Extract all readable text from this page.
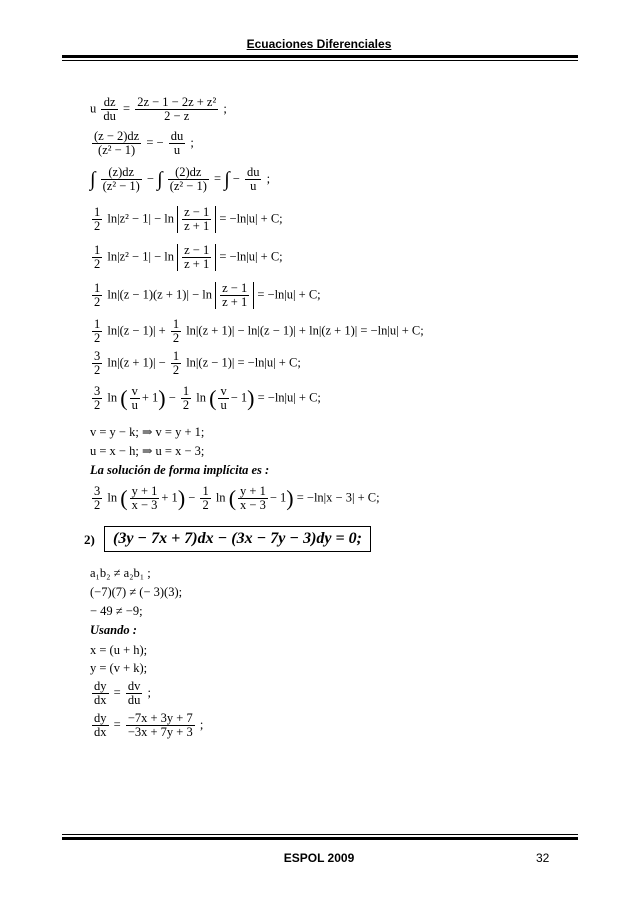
Ecuaciones Diferenciales
u $\frac{dz}{du} = \frac{\text{2z − 1 − 2z + z²}}{2 - z}$ ;
$\frac{(z - 2)dz}{\text{(z² − 1)}}$ = − $\frac{du}{u}$ ;
∫ $\frac{(z)dz}{\text{(z² − 1)}}$ − ∫ $\frac{(2)dz}{\text{(z² − 1)}}$ = ∫ − $\frac{du}{u}$ ;
$\frac{1}{2} \ln|z^2 - 1| - \ln \frac{z - 1}{z + 1} = -\ln|u| + C$;
$\frac{1}{2} \ln|z^2 - 1| - \ln \frac{z - 1}{z + 1} = -\ln|u| + C$;
$\frac{1}{2} \ln|(z - 1)(z + 1)| - \ln \frac{z - 1}{z + 1} = -\ln|u| + C$;
$\frac{1}{2} \ln|(z - 1)| + \frac{1}{2} \ln|(z + 1)| - \ln|(z - 1)| + \ln|(z + 1)| = -\ln|u| + C$;
$\frac{3}{2} \ln|(z + 1)| - \frac{1}{2} \ln|(z - 1)| = -\ln|u| + C$;
$\frac{3}{2}$ ln ( $\frac{v}{u} + 1) - \frac{1}{2}$ ln ( $\frac{v}{u} - 1) = -\ln|u| + C$;
v = y − k; ⇒ v = y + 1;
u = x − h; ⇒ u = x − 3;
La solución de forma implícita es :
$\frac{3}{2}$ ln ( $\frac{y + 1}{x - 3} + 1) - \frac{1}{2}$ ln ( $\frac{y + 1}{x - 3} - 1) = -\ln|x - 3| + C$;
2)	(3y − 7x + 7)dx − (3x − 7y − 3)dy = 0;
a₁b₂ ≠ a₂b₁ ;
(−7)(7) ≠ (− 3)(3);
− 49 ≠ −9;
Usando :
x = (u + h);
y = (v + k);
$\frac{dy}{dx} = \frac{dv}{du}$ ;
$\frac{dy}{dx} = \frac{-7x + 3y + 7}{-3x + 7y + 3}$ ;
ESPOL 2009	32
